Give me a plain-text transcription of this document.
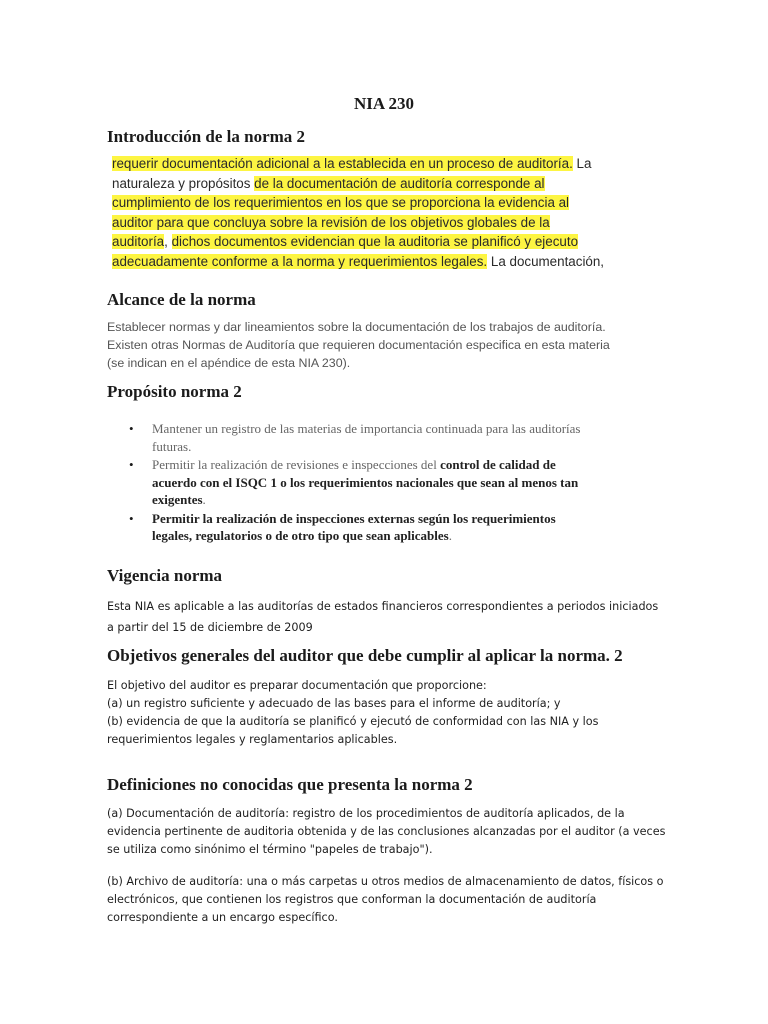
NIA 230
Introducción de la norma 2
requerir documentación adicional a la establecida en un proceso de auditoría. La
naturaleza y propósitos de la documentación de auditoría corresponde al
cumplimiento de los requerimientos en los que se proporciona la evidencia al
auditor para que concluya sobre la revisión de los objetivos globales de la
auditoría, dichos documentos evidencian que la auditoria se planificó y ejecuto
adecuadamente conforme a la norma y requerimientos legales. La documentación,
Alcance de la norma
Establecer normas y dar lineamientos sobre la documentación de los trabajos de auditoría.
Existen otras Normas de Auditoría que requieren documentación especifica en esta materia
(se indican en el apéndice de esta NIA 230).
Propósito norma 2
• Mantener un registro de las materias de importancia continuada para las auditorías
futuras.
• Permitir la realización de revisiones e inspecciones del control de calidad de
acuerdo con el ISQC 1 o los requerimientos nacionales que sean al menos tan
exigentes.
• Permitir la realización de inspecciones externas según los requerimientos
legales, regulatorios o de otro tipo que sean aplicables.
Vigencia norma
Esta NIA es aplicable a las auditorías de estados financieros correspondientes a periodos iniciados
a partir del 15 de diciembre de 2009
Objetivos generales del auditor que debe cumplir al aplicar la norma. 2
El objetivo del auditor es preparar documentación que proporcione:
(a) un registro suficiente y adecuado de las bases para el informe de auditoría; y
(b) evidencia de que la auditoría se planificó y ejecutó de conformidad con las NIA y los
requerimientos legales y reglamentarios aplicables.
Definiciones no conocidas que presenta la norma 2
(a) Documentación de auditoría: registro de los procedimientos de auditoría aplicados, de la
evidencia pertinente de auditoria obtenida y de las conclusiones alcanzadas por el auditor (a veces
se utiliza como sinónimo el término "papeles de trabajo").
(b) Archivo de auditoría: una o más carpetas u otros medios de almacenamiento de datos, físicos o
electrónicos, que contienen los registros que conforman la documentación de auditoría
correspondiente a un encargo específico.
